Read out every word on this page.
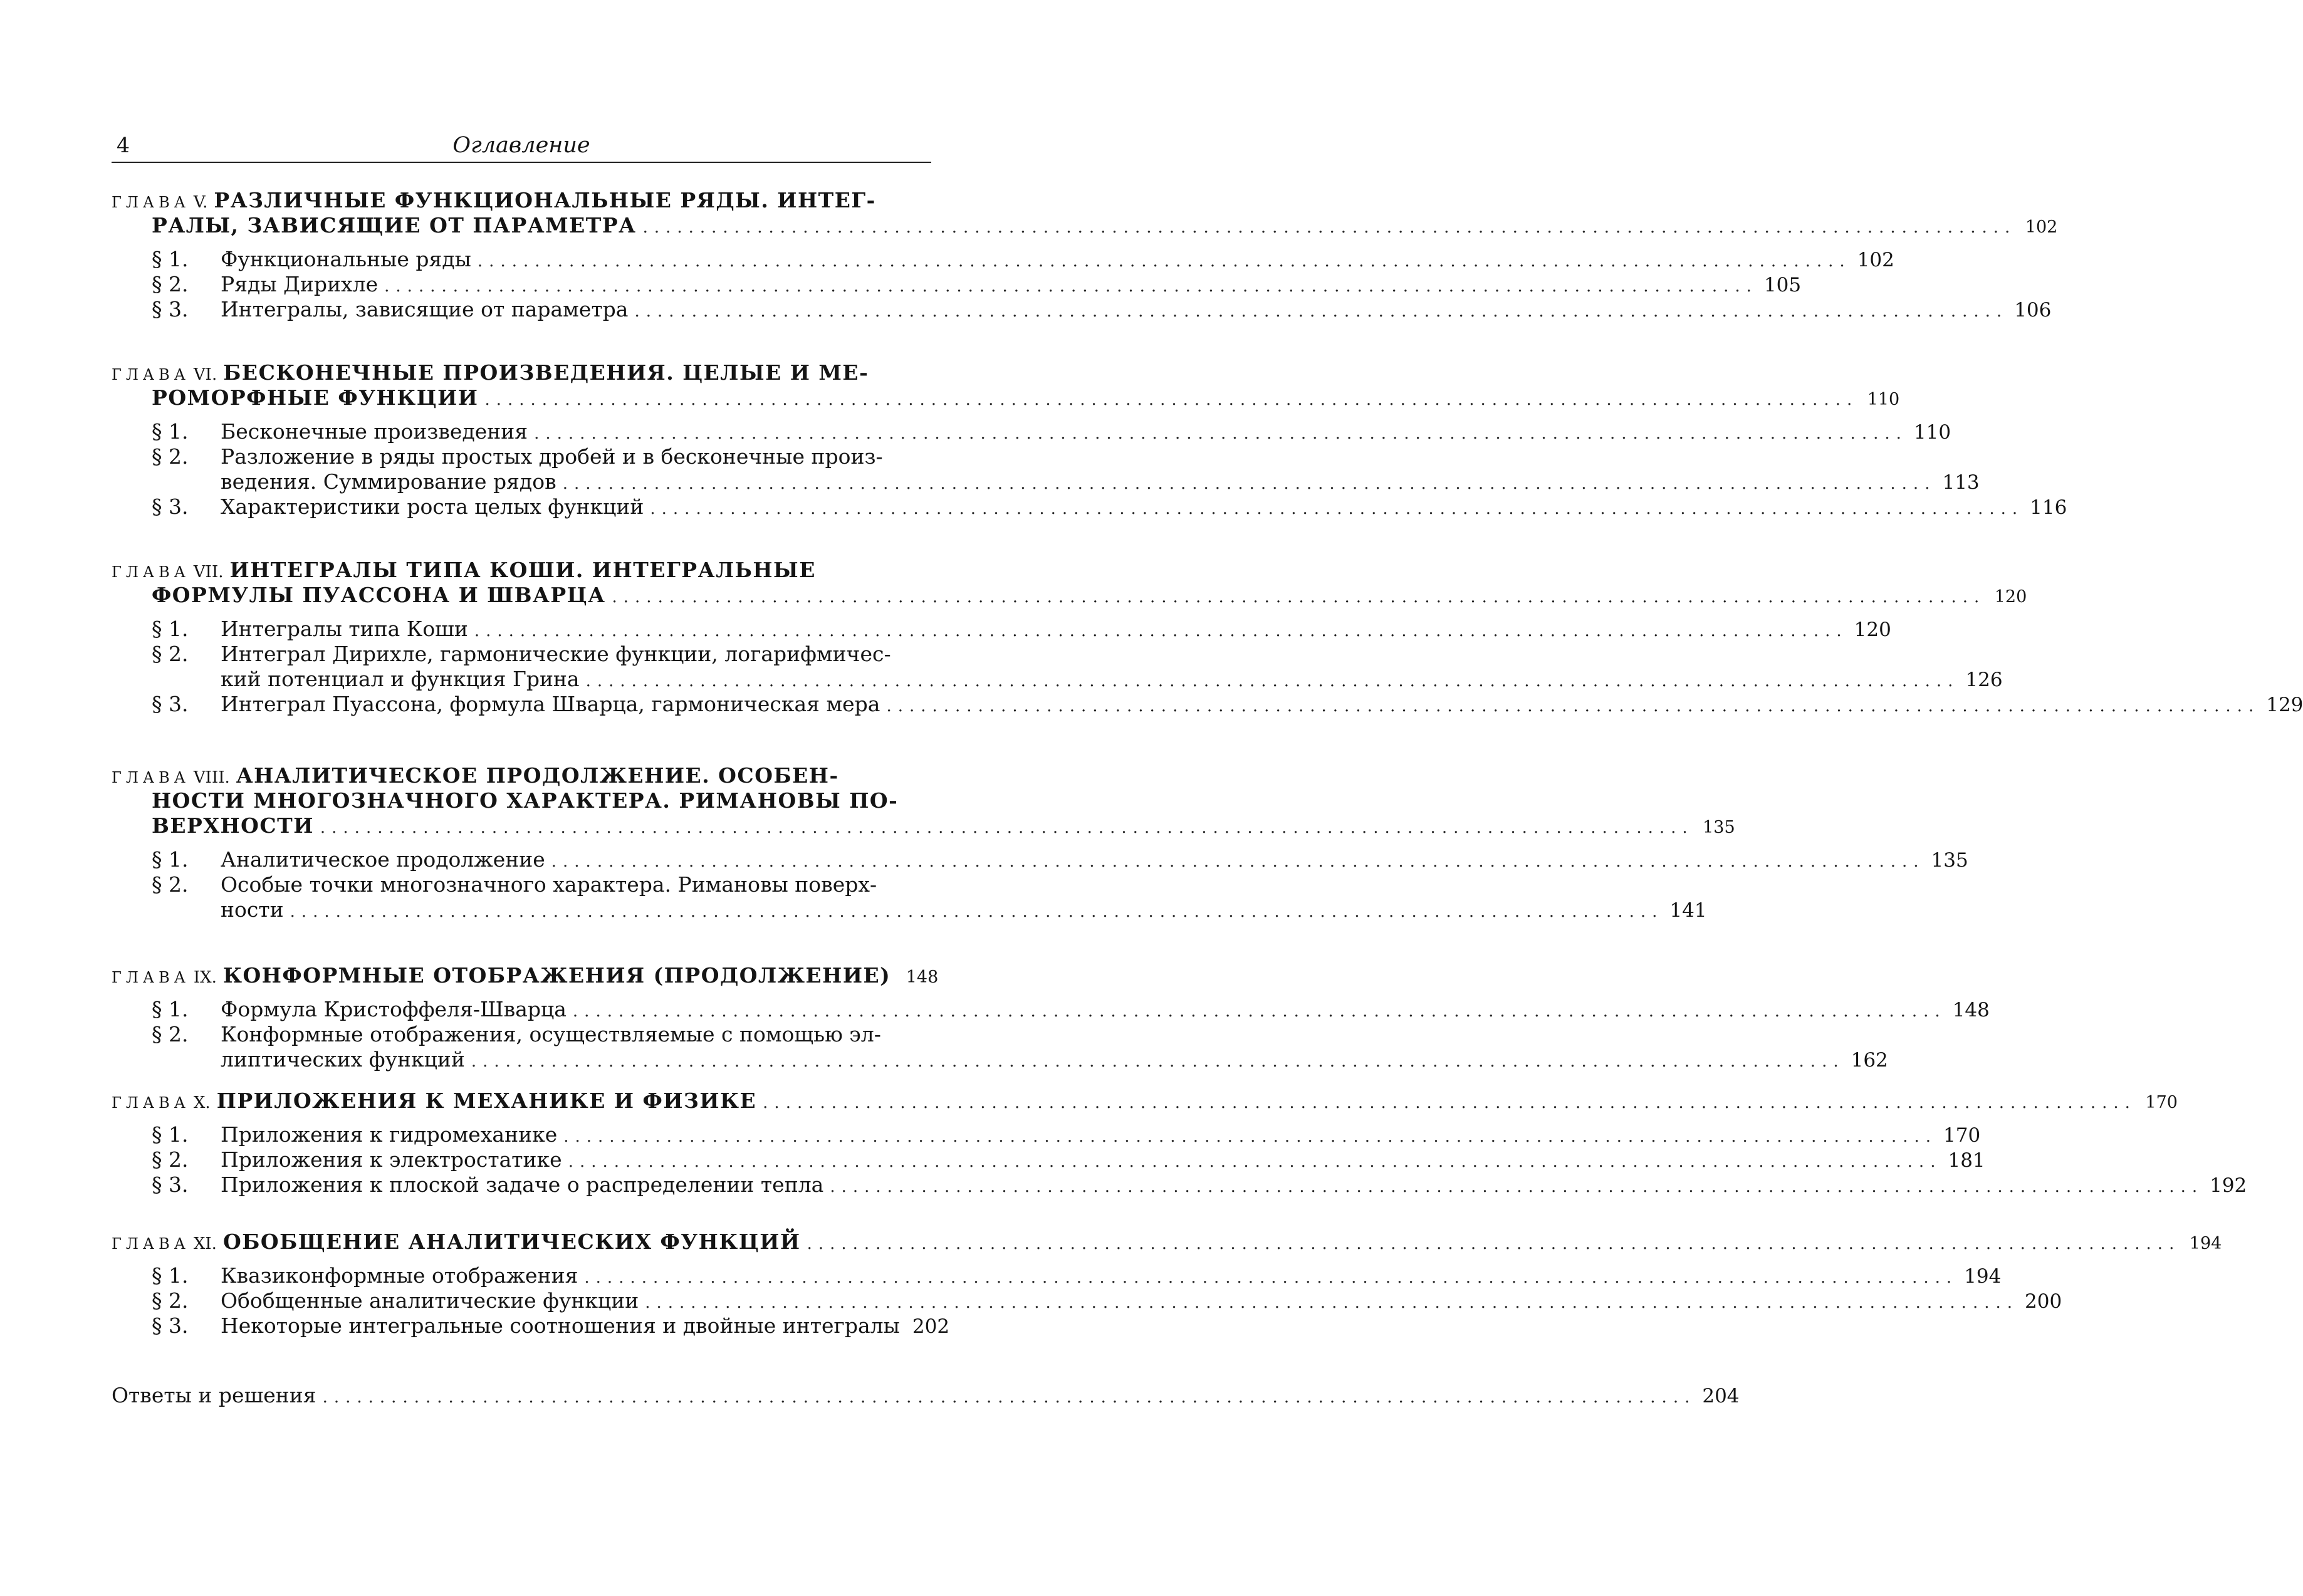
4	Оглавление
ГЛАВА V. РАЗЛИЧНЫЕ ФУНКЦИОНАЛЬНЫЕ РЯДЫ. ИНТЕГ-
РАЛЫ, ЗАВИСЯЩИЕ ОТ ПАРАМЕТРА ........................................................................................................................ 102
§ 1.	Функциональные ряды ........................................................................................................................ 102
§ 2.	Ряды Дирихле ........................................................................................................................ 105
§ 3.	Интегралы, зависящие от параметра ........................................................................................................................ 106
ГЛАВА VI. БЕСКОНЕЧНЫЕ ПРОИЗВЕДЕНИЯ. ЦЕЛЫЕ И МЕ-
РОМОРФНЫЕ ФУНКЦИИ ........................................................................................................................ 110
§ 1.	Бесконечные произведения ........................................................................................................................ 110
§ 2.	Разложение в ряды простых дробей и в бесконечные произ-
ведения. Суммирование рядов ........................................................................................................................ 113
§ 3.	Характеристики роста целых функций ........................................................................................................................ 116
ГЛАВА VII. ИНТЕГРАЛЫ ТИПА КОШИ. ИНТЕГРАЛЬНЫЕ
ФОРМУЛЫ ПУАССОНА И ШВАРЦА ........................................................................................................................ 120
§ 1.	Интегралы типа Коши ........................................................................................................................ 120
§ 2.	Интеграл Дирихле, гармонические функции, логарифмичес-
кий потенциал и функция Грина ........................................................................................................................ 126
§ 3.	Интеграл Пуассона, формула Шварца, гармоническая мера ........................................................................................................................ 129
ГЛАВА VIII. АНАЛИТИЧЕСКОЕ ПРОДОЛЖЕНИЕ. ОСОБЕН-
НОСТИ МНОГОЗНАЧНОГО ХАРАКТЕРА. РИМАНОВЫ ПО-
ВЕРХНОСТИ ........................................................................................................................ 135
§ 1.	Аналитическое продолжение ........................................................................................................................ 135
§ 2.	Особые точки многозначного характера. Римановы поверх-
ности ........................................................................................................................ 141
ГЛАВА IX. КОНФОРМНЫЕ ОТОБРАЖЕНИЯ (ПРОДОЛЖЕНИЕ) 148
§ 1.	Формула Кристоффеля-Шварца ........................................................................................................................ 148
§ 2.	Конформные отображения, осуществляемые с помощью эл-
липтических функций ........................................................................................................................ 162
ГЛАВА X. ПРИЛОЖЕНИЯ К МЕХАНИКЕ И ФИЗИКЕ ........................................................................................................................ 170
§ 1.	Приложения к гидромеханике ........................................................................................................................ 170
§ 2.	Приложения к электростатике ........................................................................................................................ 181
§ 3.	Приложения к плоской задаче о распределении тепла ........................................................................................................................ 192
ГЛАВА XI. ОБОБЩЕНИЕ АНАЛИТИЧЕСКИХ ФУНКЦИЙ ........................................................................................................................ 194
§ 1.	Квазиконформные отображения ........................................................................................................................ 194
§ 2.	Обобщенные аналитические функции ........................................................................................................................ 200
§ 3.	Некоторые интегральные соотношения и двойные интегралы 202
Ответы и решения ........................................................................................................................ 204
